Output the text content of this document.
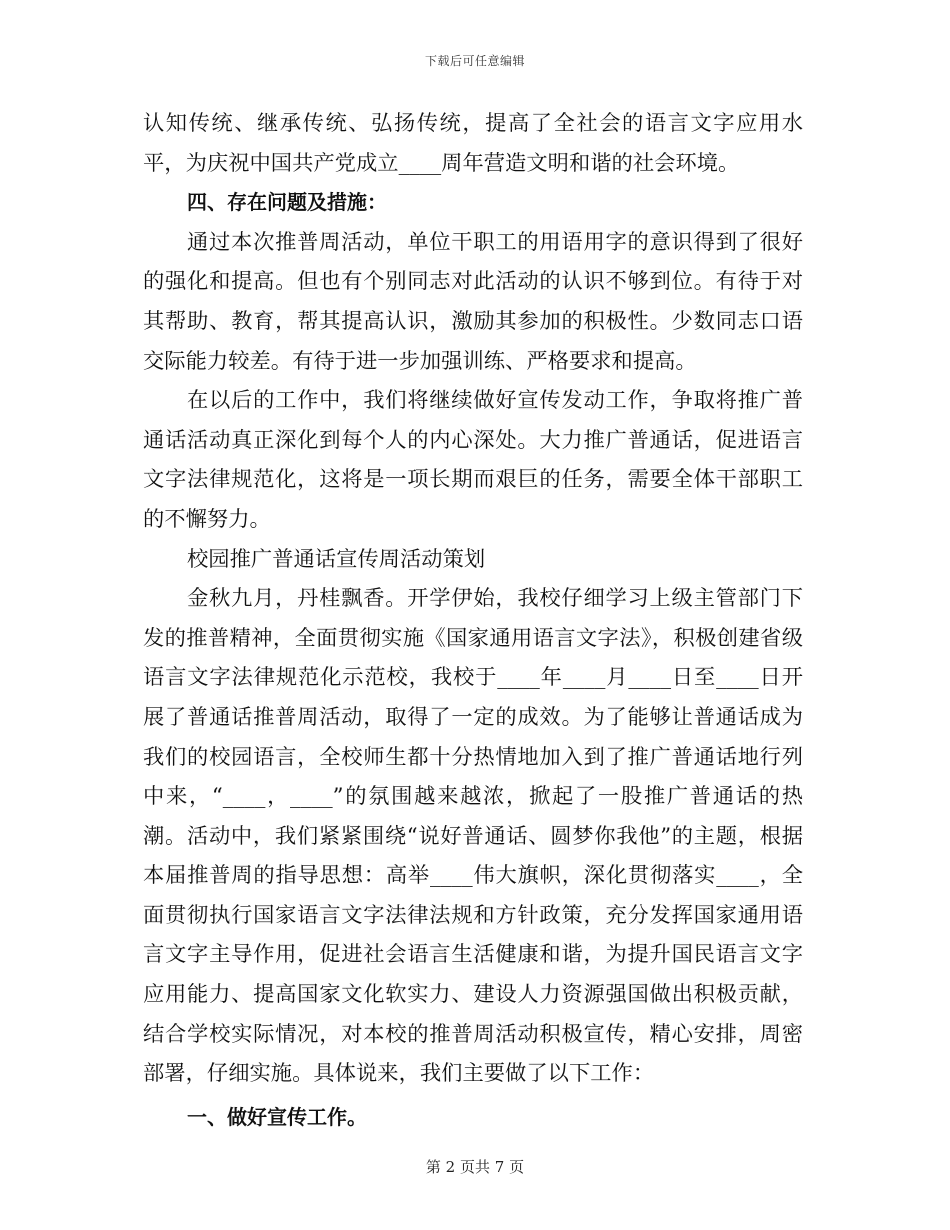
下载后可任意编辑

认知传统、继承传统、弘扬传统，提高了全社会的语言文字应用水平，为庆祝中国共产党成立____周年营造文明和谐的社会环境。

四、存在问题及措施：

通过本次推普周活动，单位干职工的用语用字的意识得到了很好的强化和提高。但也有个别同志对此活动的认识不够到位。有待于对其帮助、教育，帮其提高认识，激励其参加的积极性。少数同志口语交际能力较差。有待于进一步加强训练、严格要求和提高。

在以后的工作中，我们将继续做好宣传发动工作，争取将推广普通话活动真正深化到每个人的内心深处。大力推广普通话，促进语言文字法律规范化，这将是一项长期而艰巨的任务，需要全体干部职工的不懈努力。

校园推广普通话宣传周活动策划

金秋九月，丹桂飘香。开学伊始，我校仔细学习上级主管部门下发的推普精神，全面贯彻实施《国家通用语言文字法》，积极创建省级语言文字法律规范化示范校，我校于____年____月____日至____日开展了普通话推普周活动，取得了一定的成效。为了能够让普通话成为我们的校园语言，全校师生都十分热情地加入到了推广普通话地行列中来，“____，____”的氛围越来越浓，掀起了一股推广普通话的热潮。活动中，我们紧紧围绕“说好普通话、圆梦你我他”的主题，根据本届推普周的指导思想：高举____伟大旗帜，深化贯彻落实____，全面贯彻执行国家语言文字法律法规和方针政策，充分发挥国家通用语言文字主导作用，促进社会语言生活健康和谐，为提升国民语言文字应用能力、提高国家文化软实力、建设人力资源强国做出积极贡献，结合学校实际情况，对本校的推普周活动积极宣传，精心安排，周密部署，仔细实施。具体说来，我们主要做了以下工作：

一、做好宣传工作。

第 2 页共 7 页
